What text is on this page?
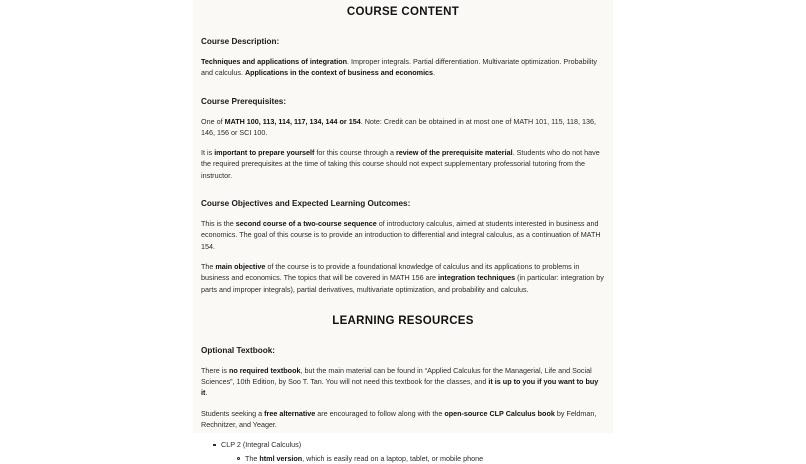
COURSE CONTENT
Course Description:

Techniques and applications of integration. Improper integrals. Partial differentiation. Multivariate optimization. Probability and calculus. Applications in the context of business and economics.

Course Prerequisites:

One of MATH 100, 113, 114, 117, 134, 144 or 154. Note: Credit can be obtained in at most one of MATH 101, 115, 118, 136, 146, 156 or SCI 100.

It is important to prepare yourself for this course through a review of the prerequisite material. Students who do not have the required prerequisites at the time of taking this course should not expect supplementary professorial tutoring from the instructor.

Course Objectives and Expected Learning Outcomes:

This is the second course of a two-course sequence of introductory calculus, aimed at students interested in business and economics. The goal of this course is to provide an introduction to differential and integral calculus, as a continuation of MATH 154.

The main objective of the course is to provide a foundational knowledge of calculus and its applications to problems in business and economics. The topics that will be covered in MATH 156 are integration techniques (in particular: integration by parts and improper integrals), partial derivatives, multivariate optimization, and probability and calculus.

LEARNING RESOURCES
Optional Textbook:

There is no required textbook, but the main material can be found in “Applied Calculus for the Managerial, Life and Social Sciences”, 10th Edition, by Soo T. Tan. You will not need this textbook for the classes, and it is up to you if you want to buy it.

Students seeking a free alternative are encouraged to follow along with the open-source CLP Calculus book by Feldman, Rechnitzer, and Yeager.

CLP 2 (Integral Calculus)
The html version, which is easily read on a laptop, tablet, or mobile phone
